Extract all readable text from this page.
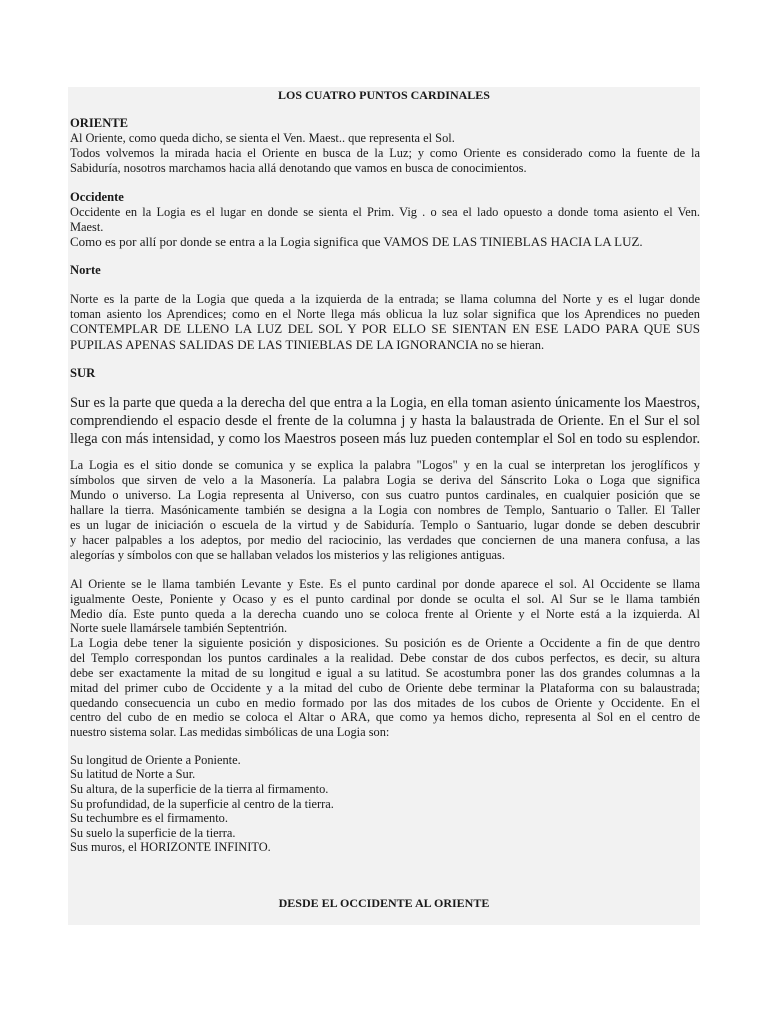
LOS CUATRO PUNTOS CARDINALES
ORIENTE
Al Oriente, como queda dicho, se sienta el Ven. Maest.. que representa el Sol.
Todos volvemos la mirada hacia el Oriente en busca de la Luz; y como Oriente es considerado como la fuente de la
Sabiduría, nosotros marchamos hacia allá denotando que vamos en busca de conocimientos.
Occidente
Occidente en la Logia es el lugar en donde se sienta el Prim. Vig . o sea el lado opuesto a donde toma asiento el Ven.
Maest.
Como es por allí por donde se entra a la Logia significa que VAMOS DE LAS TINIEBLAS HACIA LA LUZ.
Norte
Norte es la parte de la Logia que queda a la izquierda de la entrada; se llama columna del Norte y es el lugar donde
toman asiento los Aprendices; como en el Norte llega más oblicua la luz solar significa que los Aprendices no pueden
CONTEMPLAR DE LLENO LA LUZ DEL SOL Y POR ELLO SE SIENTAN EN ESE LADO PARA QUE SUS
PUPILAS APENAS SALIDAS DE LAS TINIEBLAS DE LA IGNORANCIA no se hieran.
SUR
Sur es la parte que queda a la derecha del que entra a la Logia, en ella toman asiento únicamente los Maestros,
comprendiendo el espacio desde el frente de la columna j y hasta la balaustrada de Oriente. En el Sur el sol
llega con más intensidad, y como los Maestros poseen más luz pueden contemplar el Sol en todo su esplendor.
La Logia es el sitio donde se comunica y se explica la palabra "Logos" y en la cual se interpretan los jeroglíficos y
símbolos que sirven de velo a la Masonería. La palabra Logia se deriva del Sánscrito Loka o Loga que significa
Mundo o universo. La Logia representa al Universo, con sus cuatro puntos cardinales, en cualquier posición que se
hallare la tierra. Masónicamente también se designa a la Logia con nombres de Templo, Santuario o Taller. El Taller
es un lugar de iniciación o escuela de la virtud y de Sabiduría. Templo o Santuario, lugar donde se deben descubrir
y hacer palpables a los adeptos, por medio del raciocinio, las verdades que conciernen de una manera confusa, a las
alegorías y símbolos con que se hallaban velados los misterios y las religiones antiguas.
Al Oriente se le llama también Levante y Este. Es el punto cardinal por donde aparece el sol. Al Occidente se llama
igualmente Oeste, Poniente y Ocaso y es el punto cardinal por donde se oculta el sol. Al Sur se le llama también
Medio día. Este punto queda a la derecha cuando uno se coloca frente al Oriente y el Norte está a la izquierda. Al
Norte suele llamársele también Septentrión.
La Logia debe tener la siguiente posición y disposiciones. Su posición es de Oriente a Occidente a fin de que dentro
del Templo correspondan los puntos cardinales a la realidad. Debe constar de dos cubos perfectos, es decir, su altura
debe ser exactamente la mitad de su longitud e igual a su latitud. Se acostumbra poner las dos grandes columnas a la
mitad del primer cubo de Occidente y a la mitad del cubo de Oriente debe terminar la Plataforma con su balaustrada;
quedando consecuencia un cubo en medio formado por las dos mitades de los cubos de Oriente y Occidente. En el
centro del cubo de en medio se coloca el Altar o ARA, que como ya hemos dicho, representa al Sol en el centro de
nuestro sistema solar. Las medidas simbólicas de una Logia son:
Su longitud de Oriente a Poniente.
Su latitud de Norte a Sur.
Su altura, de la superficie de la tierra al firmamento.
Su profundidad, de la superficie al centro de la tierra.
Su techumbre es el firmamento.
Su suelo la superficie de la tierra.
Sus muros, el HORIZONTE INFINITO.
DESDE EL OCCIDENTE AL ORIENTE
